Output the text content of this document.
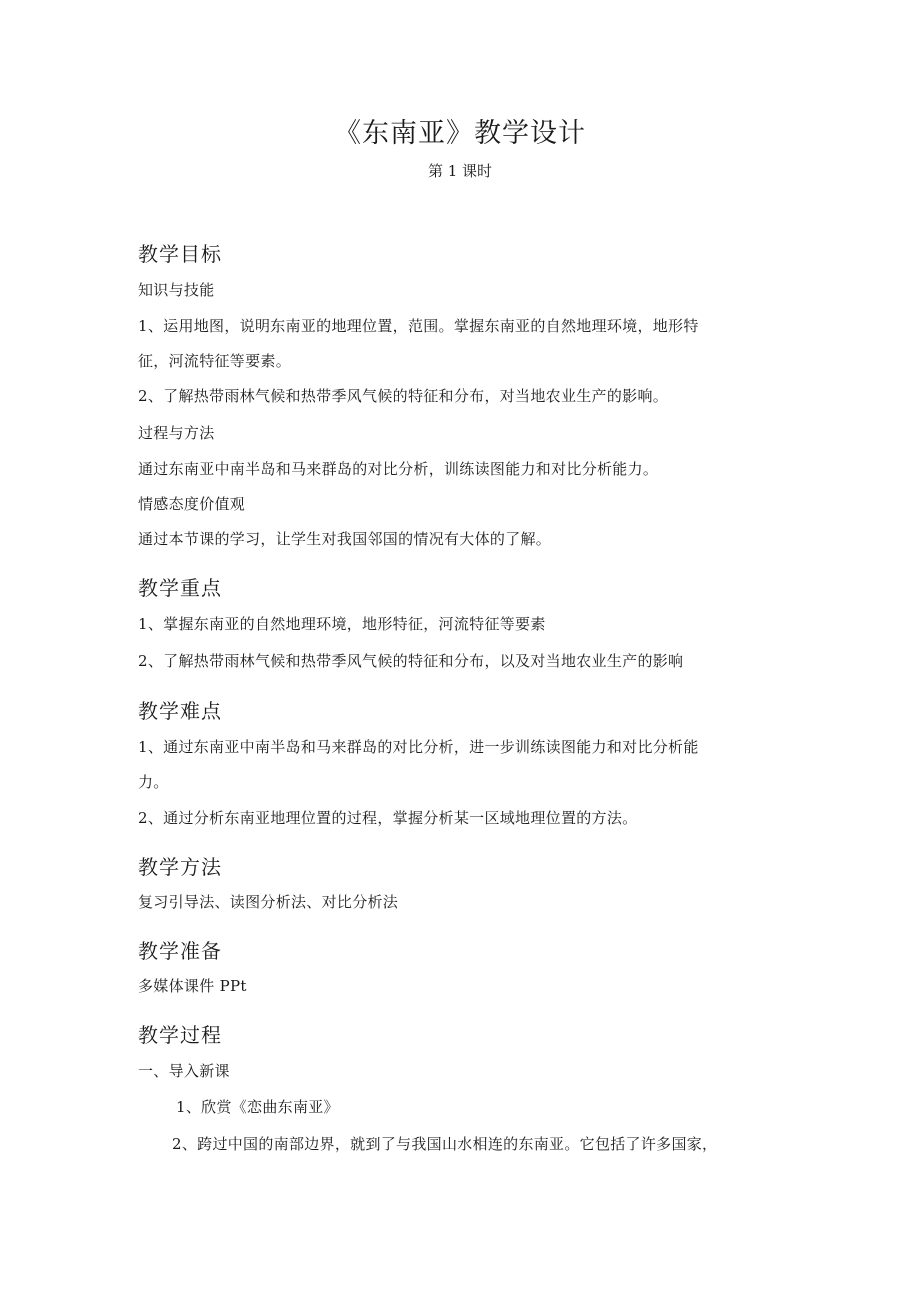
《东南亚》教学设计
第 1 课时
教学目标
知识与技能
1、运用地图，说明东南亚的地理位置，范围。掌握东南亚的自然地理环境，地形特
征，河流特征等要素。
2、了解热带雨林气候和热带季风气候的特征和分布，对当地农业生产的影响。
过程与方法
通过东南亚中南半岛和马来群岛的对比分析，训练读图能力和对比分析能力。
情感态度价值观
通过本节课的学习，让学生对我国邻国的情况有大体的了解。
教学重点
1、掌握东南亚的自然地理环境，地形特征，河流特征等要素
2、了解热带雨林气候和热带季风气候的特征和分布，以及对当地农业生产的影响
教学难点
1、通过东南亚中南半岛和马来群岛的对比分析，进一步训练读图能力和对比分析能
力。
2、通过分析东南亚地理位置的过程，掌握分析某一区域地理位置的方法。
教学方法
复习引导法、读图分析法、对比分析法
教学准备
多媒体课件 PPt
教学过程
一、导入新课
1、欣赏《恋曲东南亚》
2、跨过中国的南部边界，就到了与我国山水相连的东南亚。它包括了许多国家，
